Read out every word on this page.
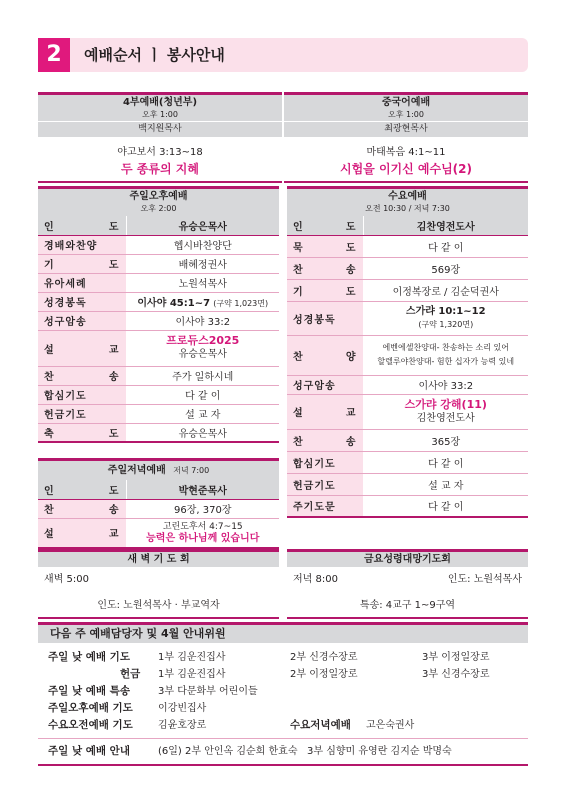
2	예배순서 ㅣ 봉사안내
4부예배(청년부)
오후 1:00
백지원목사
야고보서 3:13~18
두 종류의 지혜
중국어예배
오후 1:00
최광현목사
마태복음 4:1~11
시험을 이기신 예수님(2)
주일오후예배
오후 2:00
인 도	유승은목사
경배와찬양	헵시바찬양단
기 도	배혜정권사
유아세례	노원석목사
성경봉독	이사야 45:1~7 (구약 1,023면)
성구암송	이사야 33:2
설 교	프로듀스2025
유승은목사

찬 송	주가 일하시네
합심기도	다 같 이
헌금기도	설 교 자
축 도	유승은목사
주일저녁예배 저녁 7:00
인 도	박현준목사
찬 송	96장, 370장
설 교	고린도후서 4:7~15
능력은 하나님께 있습니다
수요예배
오전 10:30 / 저녁 7:30
인 도	김찬영전도사
묵 도	다 같 이
찬 송	569장
기 도	이정복장로 / 김순덕권사
성경봉독	스가랴 10:1~12
(구약 1,320면)

찬 양	에벤에셀찬양대- 찬송하는 소리 있어
할렐루야찬양대- 험한 십자가 능력 있네

성구암송	이사야 33:2
설 교	스가랴 강해(11)
김찬영전도사

찬 송	365장
합심기도	다 같 이
헌금기도	설 교 자
주기도문	다 같 이
새 벽 기 도 회
새벽 5:00
인도: 노원석목사 · 부교역자
금요성령대망기도회
저녁 8:00	인도: 노원석목사
특송: 4교구 1~9구역
다음 주 예배담당자 및 4월 안내위원
주일 낮 예배 기도	1부 김운진집사	2부 신경수장로	3부 이정일장로
헌금 1부 김운진집사	2부 이정일장로	3부 신경수장로
주일 낮 예배 특송	3부 다문화부 어린이들
주일오후예배 기도	이강빈집사
수요오전예배 기도	김윤호장로	수요저녁예배 고은숙권사
주일 낮 예배 안내	(6일) 2부 안인옥 김순희 한효숙   3부 심향미 유영란 김지순 박명숙
